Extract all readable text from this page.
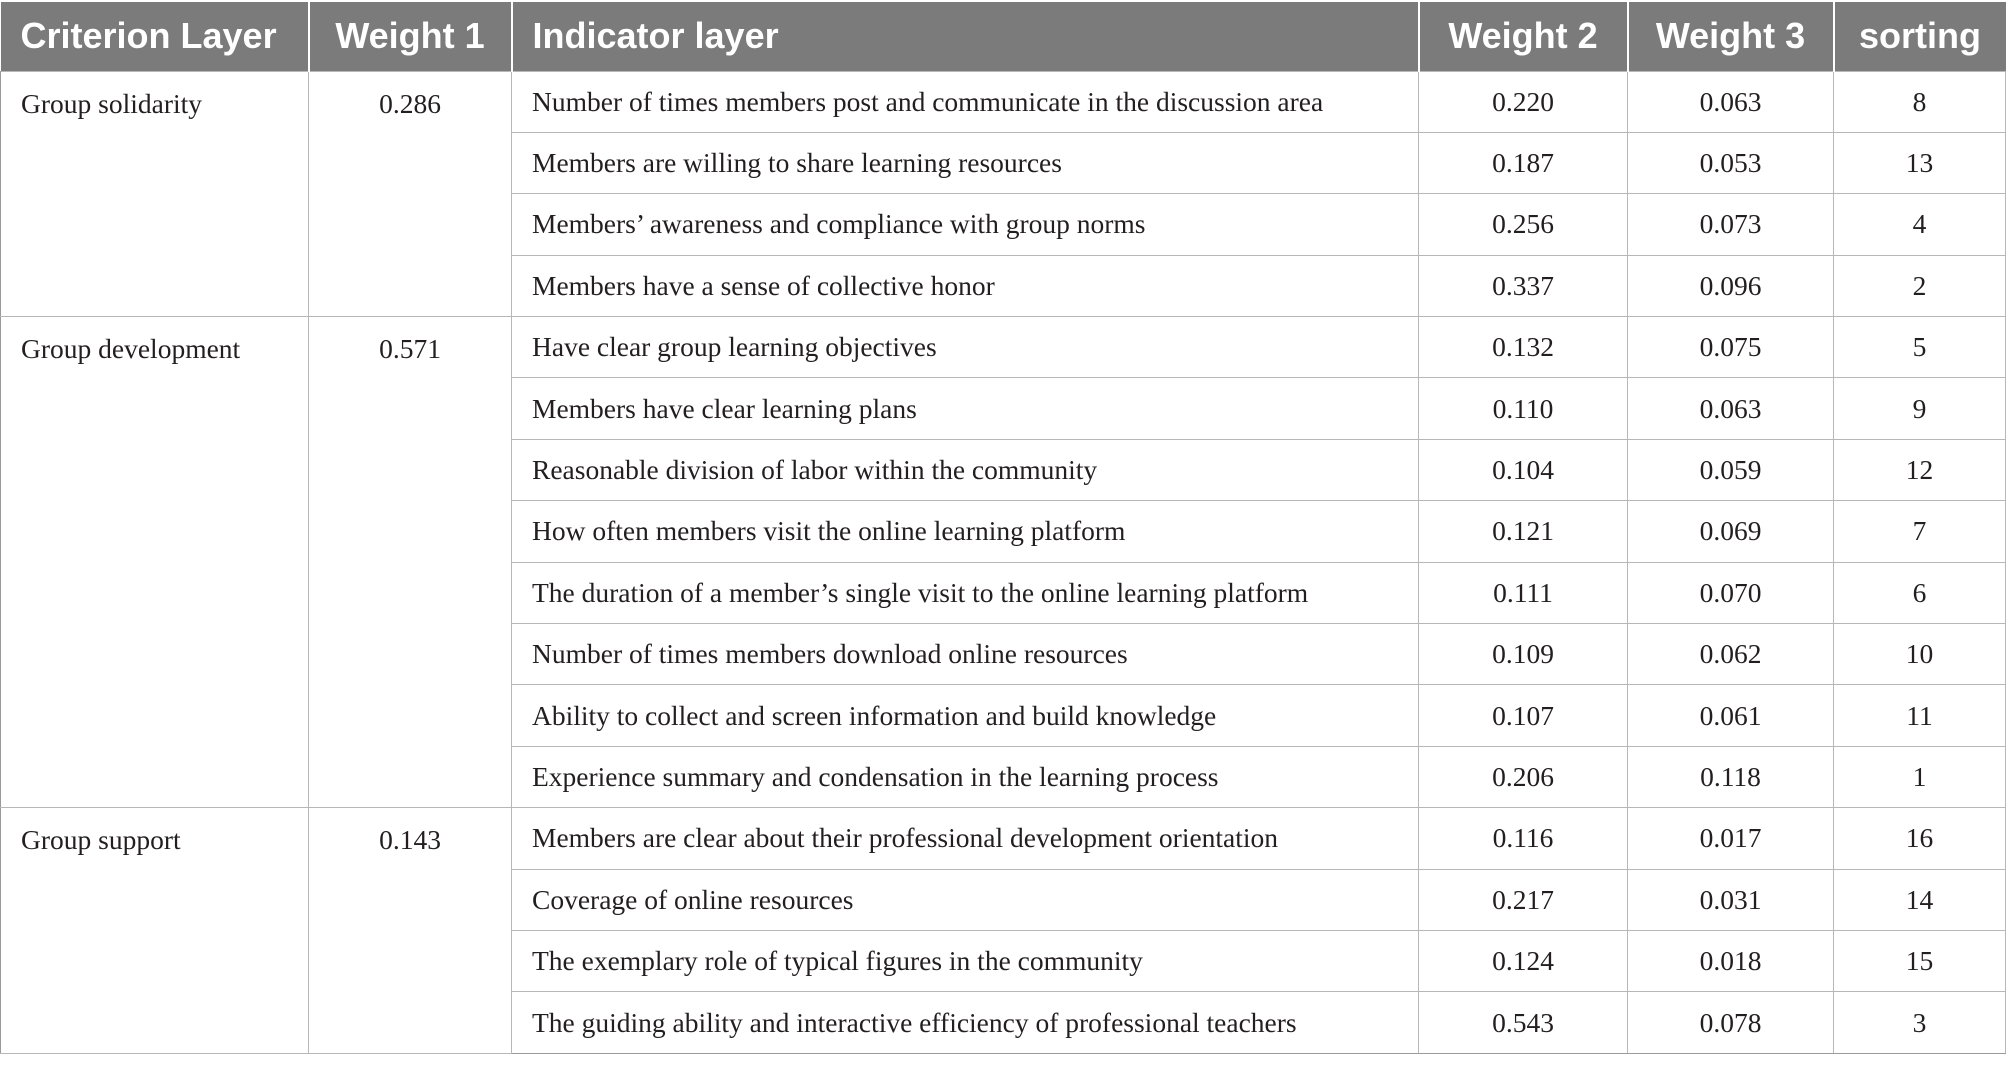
Criterion Layer	Weight 1	Indicator layer	Weight 2	Weight 3	sorting
Group solidarity	0.286	Number of times members post and communicate in the discussion area	0.220	0.063	8
		Members are willing to share learning resources	0.187	0.053	13
		Members’ awareness and compliance with group norms	0.256	0.073	4
		Members have a sense of collective honor	0.337	0.096	2
Group development	0.571	Have clear group learning objectives	0.132	0.075	5
		Members have clear learning plans	0.110	0.063	9
		Reasonable division of labor within the community	0.104	0.059	12
		How often members visit the online learning platform	0.121	0.069	7
		The duration of a member’s single visit to the online learning platform	0.111	0.070	6
		Number of times members download online resources	0.109	0.062	10
		Ability to collect and screen information and build knowledge	0.107	0.061	11
		Experience summary and condensation in the learning process	0.206	0.118	1
Group support	0.143	Members are clear about their professional development orientation	0.116	0.017	16
		Coverage of online resources	0.217	0.031	14
		The exemplary role of typical figures in the community	0.124	0.018	15
		The guiding ability and interactive efficiency of professional teachers	0.543	0.078	3
